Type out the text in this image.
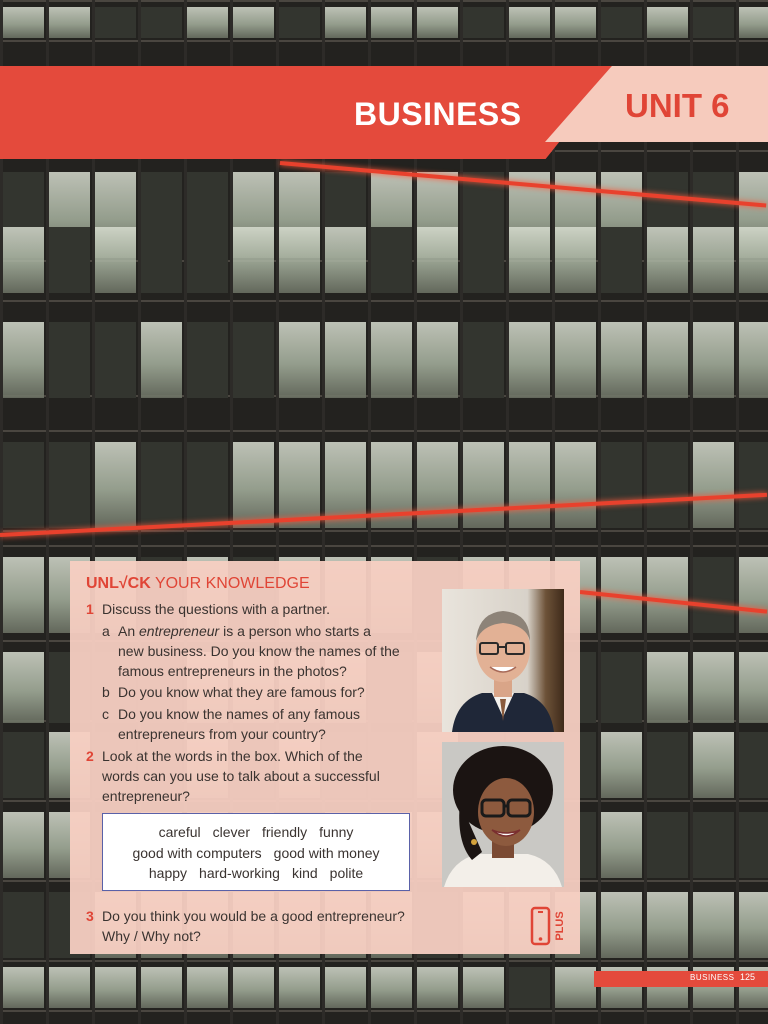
BUSINESS	UNIT 6
UNL√CK YOUR KNOWLEDGE
1 Discuss the questions with a partner.
a An entrepreneur is a person who starts a
new business. Do you know the names of the
famous entrepreneurs in the photos?
b Do you know what they are famous for?
c Do you know the names of any famous
entrepreneurs from your country?
2 Look at the words in the box. Which of the
words can you use to talk about a successful
entrepreneur?
careful clever friendly funny
good with computers good with money
happy hard-working kind polite
3 Do you think you would be a good entrepreneur?
Why / Why not?	PLUS
BUSINESS 125
